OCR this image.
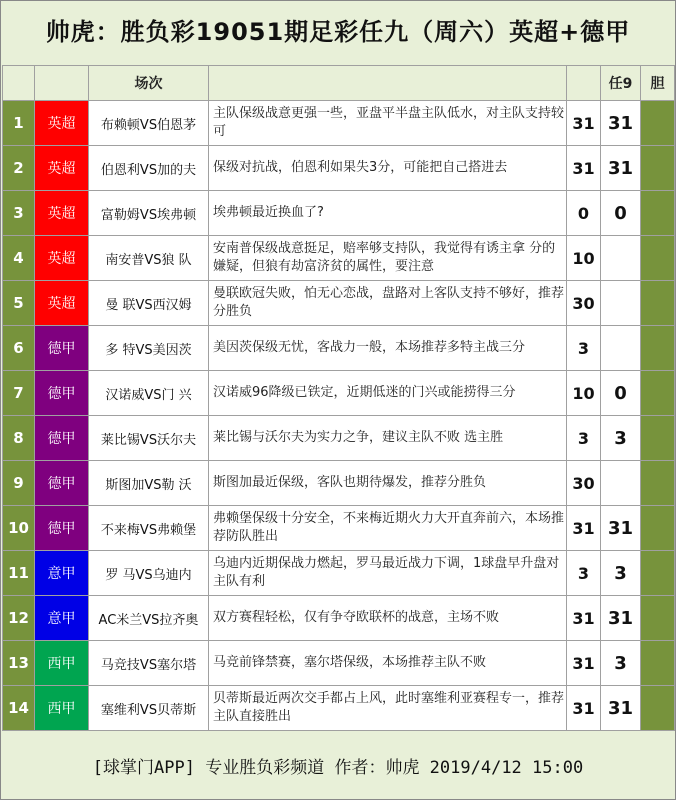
帅虎：胜负彩19051期足彩任九（周六）英超+德甲
		场次			任9	胆
1	英超	布赖顿VS伯恩茅	主队保级战意更强一些，亚盘平半盘主队低水，对主队支持较可	31	31	
2	英超	伯恩利VS加的夫	保级对抗战，伯恩利如果失3分，可能把自己搭进去	31	31	
3	英超	富勒姆VS埃弗顿	埃弗顿最近换血了?	0	0	
4	英超	南安普VS狼 队	安南普保级战意挺足，赔率够支持队，我觉得有诱主拿 分的嫌疑，但狼有劫富济贫的属性，要注意	10		
5	英超	曼 联VS西汉姆	曼联欧冠失败，怕无心恋战，盘路对上客队支持不够好，推荐分胜负	30		
6	德甲	多 特VS美因茨	美因茨保级无忧，客战力一般，本场推荐多特主战三分	3		
7	德甲	汉诺威VS门 兴	汉诺威96降级已铁定，近期低迷的门兴或能捞得三分	10	0	
8	德甲	莱比锡VS沃尔夫	莱比锡与沃尔夫为实力之争，建议主队不败 选主胜	3	3	
9	德甲	斯图加VS勒 沃	斯图加最近保级，客队也期待爆发，推荐分胜负	30		
10	德甲	不来梅VS弗赖堡	弗赖堡保级十分安全，不来梅近期火力大开直奔前六，本场推荐防队胜出	31	31	
11	意甲	罗 马VS乌迪内	乌迪内近期保战力燃起，罗马最近战力下调，1球盘早升盘对主队有利	3	3	
12	意甲	AC米兰VS拉齐奥	双方赛程轻松，仅有争夺欧联杯的战意，主场不败	31	31	
13	西甲	马竞技VS塞尔塔	马竞前锋禁赛，塞尔塔保级，本场推荐主队不败	31	3	
14	西甲	塞维利VS贝蒂斯	贝蒂斯最近两次交手都占上风，此时塞维利亚赛程专一，推荐主队直接胜出	31	31	
[球掌门APP] 专业胜负彩频道 作者：帅虎 2019/4/12 15:00
